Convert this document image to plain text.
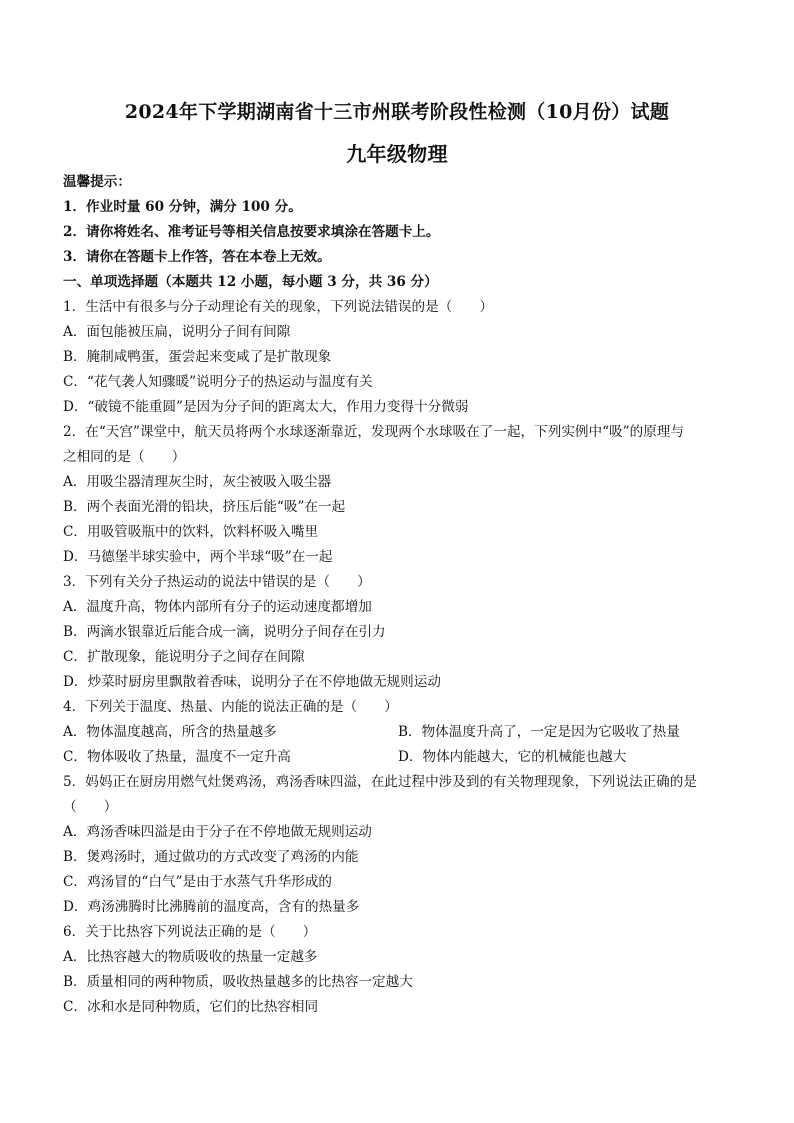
2024年下学期湖南省十三市州联考阶段性检测（10月份）试题
九年级物理
温馨提示：
1．作业时量 60 分钟，满分 100 分。
2．请你将姓名、准考证号等相关信息按要求填涂在答题卡上。
3．请你在答题卡上作答，答在本卷上无效。
一、单项选择题（本题共 12 小题，每小题 3 分，共 36 分）
1．生活中有很多与分子动理论有关的现象，下列说法错误的是（　　）
A．面包能被压扁，说明分子间有间隙
B．腌制咸鸭蛋，蛋尝起来变咸了是扩散现象
C．“花气袭人知骤暖”说明分子的热运动与温度有关
D．“破镜不能重圆”是因为分子间的距离太大，作用力变得十分微弱
2．在“天宫”课堂中，航天员将两个水球逐渐靠近，发现两个水球吸在了一起，下列实例中“吸”的原理与
之相同的是（　　）
A．用吸尘器清理灰尘时，灰尘被吸入吸尘器
B．两个表面光滑的铅块，挤压后能“吸”在一起
C．用吸管吸瓶中的饮料，饮料杯吸入嘴里
D．马德堡半球实验中，两个半球“吸”在一起
3．下列有关分子热运动的说法中错误的是（　　）
A．温度升高，物体内部所有分子的运动速度都增加
B．两滴水银靠近后能合成一滴，说明分子间存在引力
C．扩散现象，能说明分子之间存在间隙
D．炒菜时厨房里飘散着香味，说明分子在不停地做无规则运动
4．下列关于温度、热量、内能的说法正确的是（　　）
A．物体温度越高，所含的热量越多	B．物体温度升高了，一定是因为它吸收了热量
C．物体吸收了热量，温度不一定升高	D．物体内能越大，它的机械能也越大
5．妈妈正在厨房用燃气灶煲鸡汤，鸡汤香味四溢，在此过程中涉及到的有关物理现象，下列说法正确的是
（　　）
A．鸡汤香味四溢是由于分子在不停地做无规则运动
B．煲鸡汤时，通过做功的方式改变了鸡汤的内能
C．鸡汤冒的“白气”是由于水蒸气升华形成的
D．鸡汤沸腾时比沸腾前的温度高，含有的热量多
6．关于比热容下列说法正确的是（　　）
A．比热容越大的物质吸收的热量一定越多
B．质量相同的两种物质，吸收热量越多的比热容一定越大
C．冰和水是同种物质，它们的比热容相同
